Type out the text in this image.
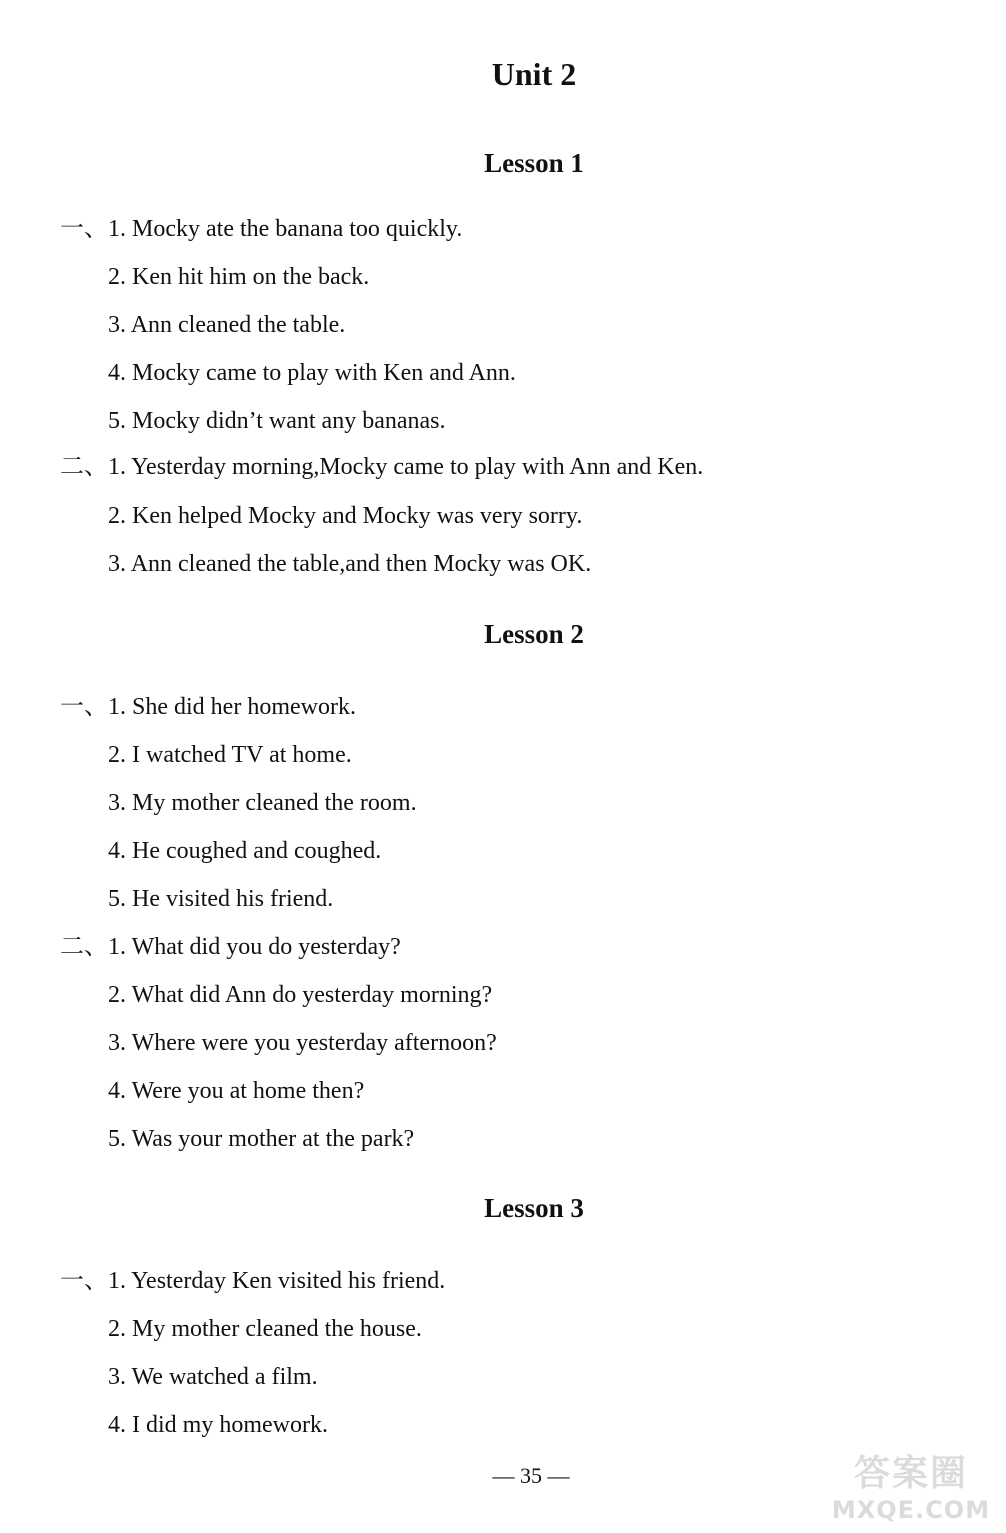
Unit 2
Lesson 1
一、1. Mocky ate the banana too quickly.
2. Ken hit him on the back.
3. Ann cleaned the table.
4. Mocky came to play with Ken and Ann.
5. Mocky didn’t want any bananas.
二、1. Yesterday morning,Mocky came to play with Ann and Ken.
2. Ken helped Mocky and Mocky was very sorry.
3. Ann cleaned the table,and then Mocky was OK.
Lesson 2
一、1. She did her homework.
2. I watched TV at home.
3. My mother cleaned the room.
4. He coughed and coughed.
5. He visited his friend.
二、1. What did you do yesterday?
2. What did Ann do yesterday morning?
3. Where were you yesterday afternoon?
4. Were you at home then?
5. Was your mother at the park?
Lesson 3
一、1. Yesterday Ken visited his friend.
2. My mother cleaned the house.
3. We watched a film.
4. I did my homework.
— 35 —	答案圈
MXQE.COM
